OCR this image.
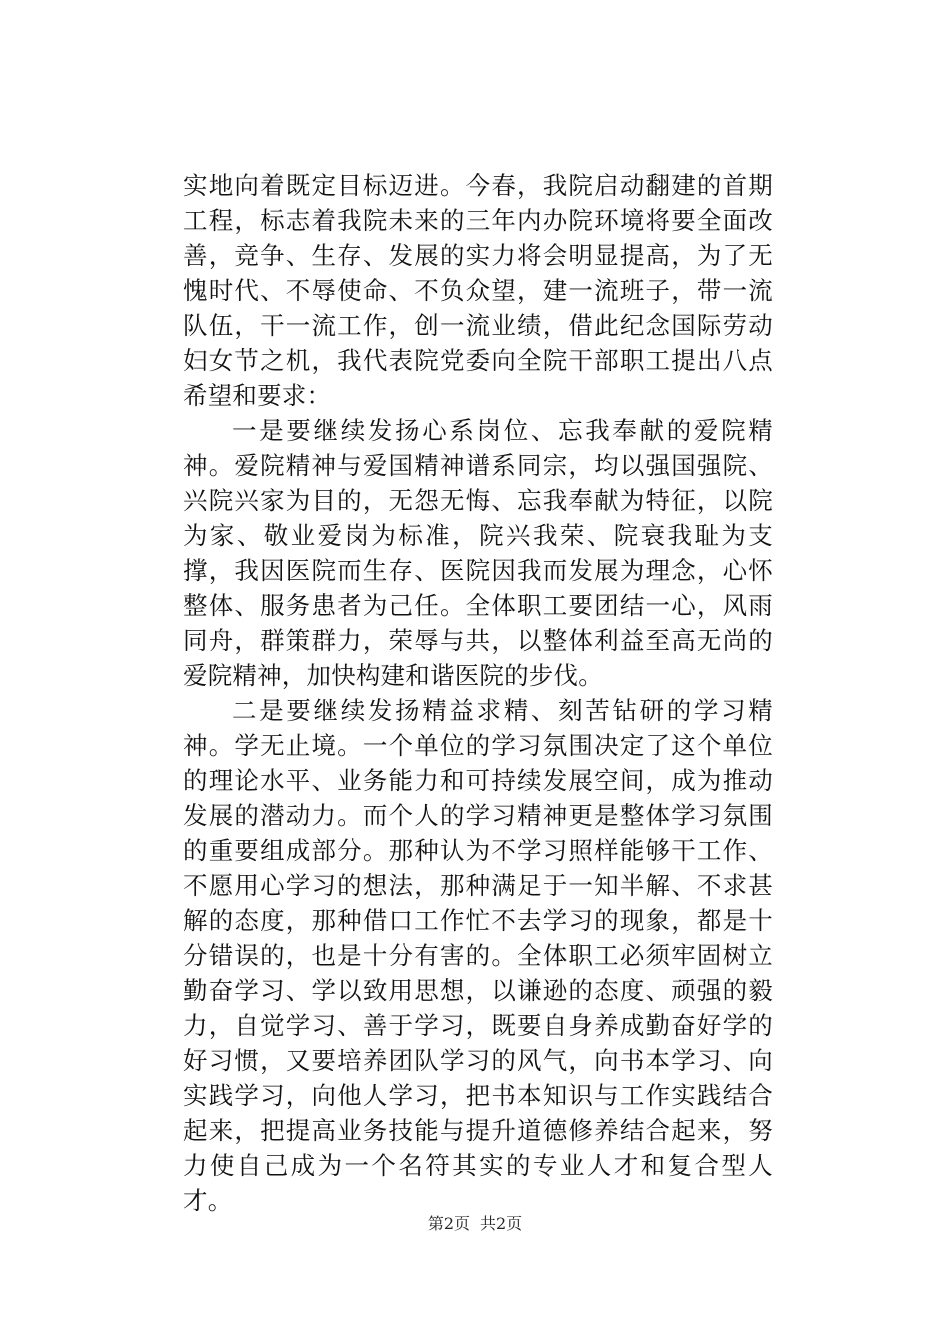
实地向着既定目标迈进。今春，我院启动翻建的首期工程，标志着我院未来的三年内办院环境将要全面改善，竞争、生存、发展的实力将会明显提高，为了无愧时代、不辱使命、不负众望，建一流班子，带一流队伍，干一流工作，创一流业绩，借此纪念国际劳动妇女节之机，我代表院党委向全院干部职工提出八点希望和要求：

一是要继续发扬心系岗位、忘我奉献的爱院精神。爱院精神与爱国精神谱系同宗，均以强国强院、兴院兴家为目的，无怨无悔、忘我奉献为特征，以院为家、敬业爱岗为标准，院兴我荣、院衰我耻为支撑，我因医院而生存、医院因我而发展为理念，心怀整体、服务患者为己任。全体职工要团结一心，风雨同舟，群策群力，荣辱与共，以整体利益至高无尚的爱院精神，加快构建和谐医院的步伐。

二是要继续发扬精益求精、刻苦钻研的学习精神。学无止境。一个单位的学习氛围决定了这个单位的理论水平、业务能力和可持续发展空间，成为推动发展的潜动力。而个人的学习精神更是整体学习氛围的重要组成部分。那种认为不学习照样能够干工作、不愿用心学习的想法，那种满足于一知半解、不求甚解的态度，那种借口工作忙不去学习的现象，都是十分错误的，也是十分有害的。全体职工必须牢固树立勤奋学习、学以致用思想，以谦逊的态度、顽强的毅力，自觉学习、善于学习，既要自身养成勤奋好学的好习惯，又要培养团队学习的风气，向书本学习、向实践学习，向他人学习，把书本知识与工作实践结合起来，把提高业务技能与提升道德修养结合起来，努力使自己成为一个名符其实的专业人才和复合型人才。

第2页 共2页
